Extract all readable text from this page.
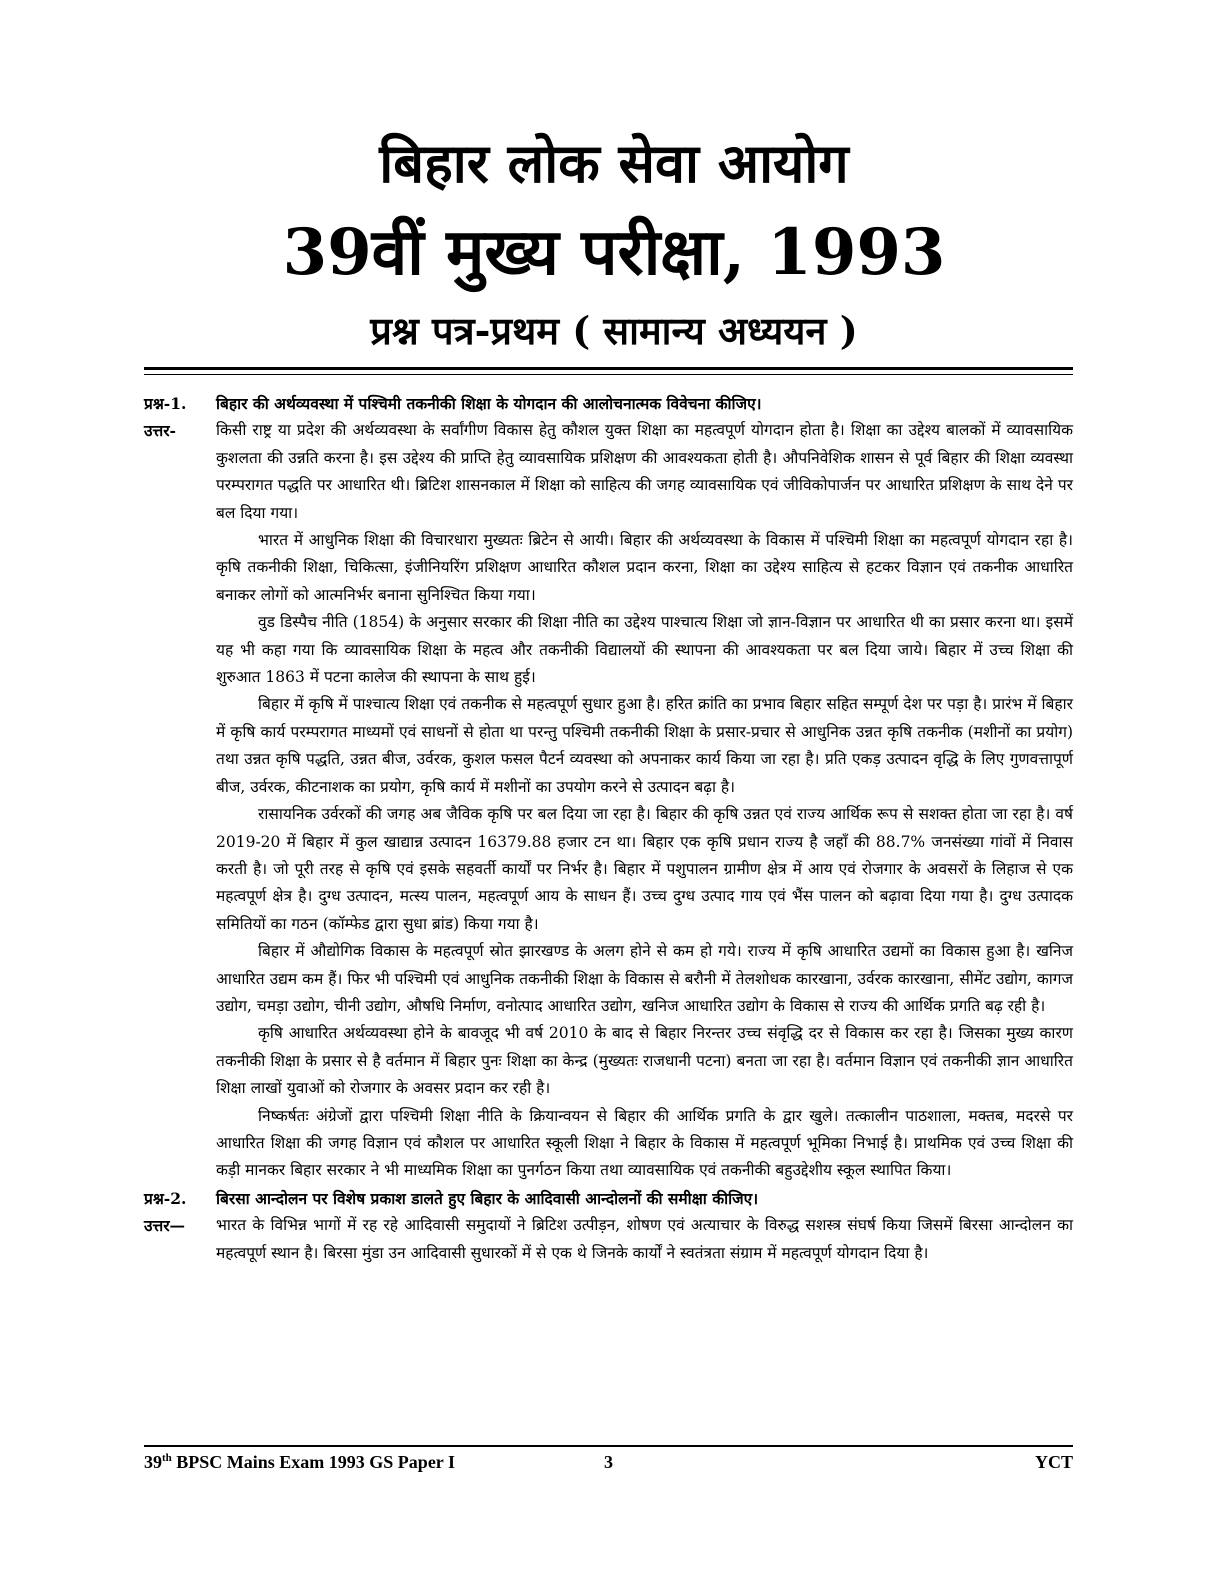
बिहार लोक सेवा आयोग
39वीं मुख्य परीक्षा, 1993
प्रश्न पत्र-प्रथम ( सामान्य अध्ययन )
प्रश्न-1.	बिहार की अर्थव्यवस्था में पश्चिमी तकनीकी शिक्षा के योगदान की आलोचनात्मक विवेचना कीजिए।
उत्तर-	किसी राष्ट्र या प्रदेश की अर्थव्यवस्था के सर्वांगीण विकास हेतु कौशल युक्त शिक्षा का महत्वपूर्ण योगदान होता है। शिक्षा का उद्देश्य बालकों में व्यावसायिक कुशलता की उन्नति करना है। इस उद्देश्य की प्राप्ति हेतु व्यावसायिक प्रशिक्षण की आवश्यकता होती है। औपनिवेशिक शासन से पूर्व बिहार की शिक्षा व्यवस्था परम्परागत पद्धति पर आधारित थी। ब्रिटिश शासनकाल में शिक्षा को साहित्य की जगह व्यावसायिक एवं जीविकोपार्जन पर आधारित प्रशिक्षण के साथ देने पर बल दिया गया।

भारत में आधुनिक शिक्षा की विचारधारा मुख्यतः ब्रिटेन से आयी। बिहार की अर्थव्यवस्था के विकास में पश्चिमी शिक्षा का महत्वपूर्ण योगदान रहा है। कृषि तकनीकी शिक्षा, चिकित्सा, इंजीनियरिंग प्रशिक्षण आधारित कौशल प्रदान करना, शिक्षा का उद्देश्य साहित्य से हटकर विज्ञान एवं तकनीक आधारित बनाकर लोगों को आत्मनिर्भर बनाना सुनिश्चित किया गया।

वुड डिस्पैच नीति (1854) के अनुसार सरकार की शिक्षा नीति का उद्देश्य पाश्चात्य शिक्षा जो ज्ञान-विज्ञान पर आधारित थी का प्रसार करना था। इसमें यह भी कहा गया कि व्यावसायिक शिक्षा के महत्व और तकनीकी विद्यालयों की स्थापना की आवश्यकता पर बल दिया जाये। बिहार में उच्च शिक्षा की शुरुआत 1863 में पटना कालेज की स्थापना के साथ हुई।

बिहार में कृषि में पाश्चात्य शिक्षा एवं तकनीक से महत्वपूर्ण सुधार हुआ है। हरित क्रांति का प्रभाव बिहार सहित सम्पूर्ण देश पर पड़ा है। प्रारंभ में बिहार में कृषि कार्य परम्परागत माध्यमों एवं साधनों से होता था परन्तु पश्चिमी तकनीकी शिक्षा के प्रसार-प्रचार से आधुनिक उन्नत कृषि तकनीक (मशीनों का प्रयोग) तथा उन्नत कृषि पद्धति, उन्नत बीज, उर्वरक, कुशल फसल पैटर्न व्यवस्था को अपनाकर कार्य किया जा रहा है। प्रति एकड़ उत्पादन वृद्धि के लिए गुणवत्तापूर्ण बीज, उर्वरक, कीटनाशक का प्रयोग, कृषि कार्य में मशीनों का उपयोग करने से उत्पादन बढ़ा है।

रासायनिक उर्वरकों की जगह अब जैविक कृषि पर बल दिया जा रहा है। बिहार की कृषि उन्नत एवं राज्य आर्थिक रूप से सशक्त होता जा रहा है। वर्ष 2019-20 में बिहार में कुल खाद्यान्न उत्पादन 16379.88 हजार टन था। बिहार एक कृषि प्रधान राज्य है जहाँ की 88.7% जनसंख्या गांवों में निवास करती है। जो पूरी तरह से कृषि एवं इसके सहवर्ती कार्यों पर निर्भर है। बिहार में पशुपालन ग्रामीण क्षेत्र में आय एवं रोजगार के अवसरों के लिहाज से एक महत्वपूर्ण क्षेत्र है। दुग्ध उत्पादन, मत्स्य पालन, महत्वपूर्ण आय के साधन हैं। उच्च दुग्ध उत्पाद गाय एवं भैंस पालन को बढ़ावा दिया गया है। दुग्ध उत्पादक समितियों का गठन (कॉम्फेड द्वारा सुधा ब्रांड) किया गया है।

बिहार में औद्योगिक विकास के महत्वपूर्ण स्रोत झारखण्ड के अलग होने से कम हो गये। राज्य में कृषि आधारित उद्यमों का विकास हुआ है। खनिज आधारित उद्यम कम हैं। फिर भी पश्चिमी एवं आधुनिक तकनीकी शिक्षा के विकास से बरौनी में तेलशोधक कारखाना, उर्वरक कारखाना, सीमेंट उद्योग, कागज उद्योग, चमड़ा उद्योग, चीनी उद्योग, औषधि निर्माण, वनोत्पाद आधारित उद्योग, खनिज आधारित उद्योग के विकास से राज्य की आर्थिक प्रगति बढ़ रही है।

कृषि आधारित अर्थव्यवस्था होने के बावजूद भी वर्ष 2010 के बाद से बिहार निरन्तर उच्च संवृद्धि दर से विकास कर रहा है। जिसका मुख्य कारण तकनीकी शिक्षा के प्रसार से है वर्तमान में बिहार पुनः शिक्षा का केन्द्र (मुख्यतः राजधानी पटना) बनता जा रहा है। वर्तमान विज्ञान एवं तकनीकी ज्ञान आधारित शिक्षा लाखों युवाओं को रोजगार के अवसर प्रदान कर रही है।

निष्कर्षतः अंग्रेजों द्वारा पश्चिमी शिक्षा नीति के क्रियान्वयन से बिहार की आर्थिक प्रगति के द्वार खुले। तत्कालीन पाठशाला, मक्तब, मदरसे पर आधारित शिक्षा की जगह विज्ञान एवं कौशल पर आधारित स्कूली शिक्षा ने बिहार के विकास में महत्वपूर्ण भूमिका निभाई है। प्राथमिक एवं उच्च शिक्षा की कड़ी मानकर बिहार सरकार ने भी माध्यमिक शिक्षा का पुनर्गठन किया तथा व्यावसायिक एवं तकनीकी बहुउद्देशीय स्कूल स्थापित किया।

प्रश्न-2.	बिरसा आन्दोलन पर विशेष प्रकाश डालते हुए बिहार के आदिवासी आन्दोलनों की समीक्षा कीजिए।
उत्तर—	भारत के विभिन्न भागों में रह रहे आदिवासी समुदायों ने ब्रिटिश उत्पीड़न, शोषण एवं अत्याचार के विरुद्ध सशस्त्र संघर्ष किया जिसमें बिरसा आन्दोलन का महत्वपूर्ण स्थान है। बिरसा मुंडा उन आदिवासी सुधारकों में से एक थे जिनके कार्यों ने स्वतंत्रता संग्राम में महत्वपूर्ण योगदान दिया है।

39th BPSC Mains Exam 1993 GS Paper I	3	YCT
